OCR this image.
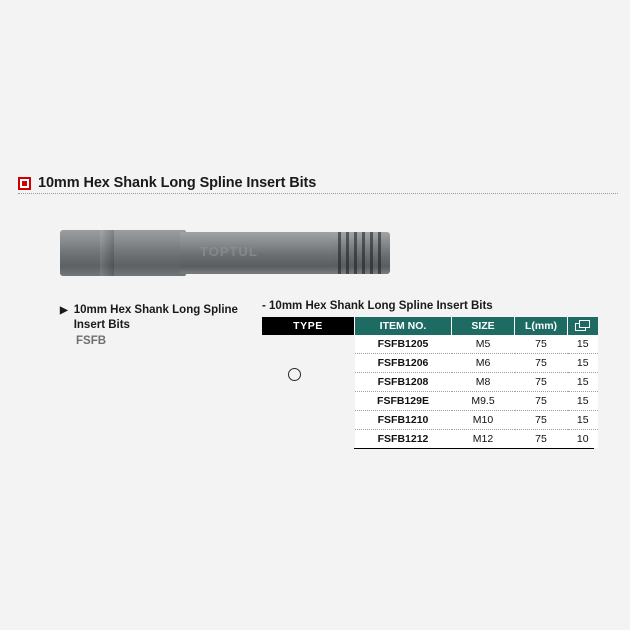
10mm Hex Shank Long Spline Insert Bits
TOPTUL
▶ 10mm Hex Shank Long Spline Insert Bits
FSFB
- 10mm Hex Shank Long Spline Insert Bits
TYPE	ITEM NO.	SIZE	L(mm)	

	FSFB1205	M5	75	15
	FSFB1206	M6	75	15
	FSFB1208	M8	75	15
	FSFB129E	M9.5	75	15
	FSFB1210	M10	75	15
	FSFB1212	M12	75	10
